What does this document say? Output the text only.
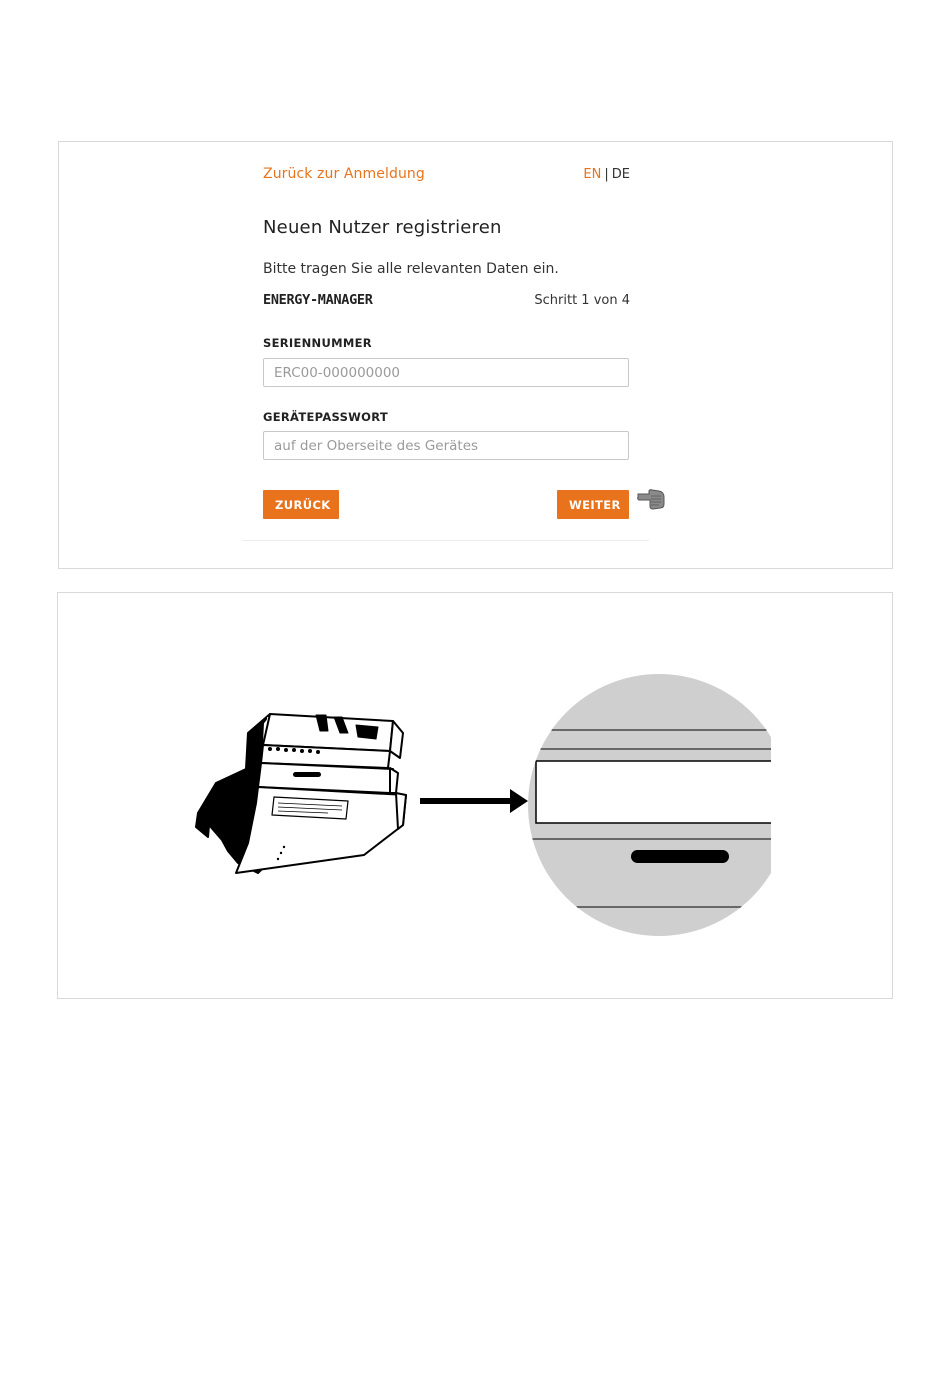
Zurück zur Anmeldung	EN | DE
Neuen Nutzer registrieren
Bitte tragen Sie alle relevanten Daten ein.
ENERGY-MANAGER	Schritt 1 von 4
SERIENNUMMER
ERC00-000000000
GERÄTEPASSWORT
auf der Oberseite des Gerätes
ZURÜCK	WEITER
